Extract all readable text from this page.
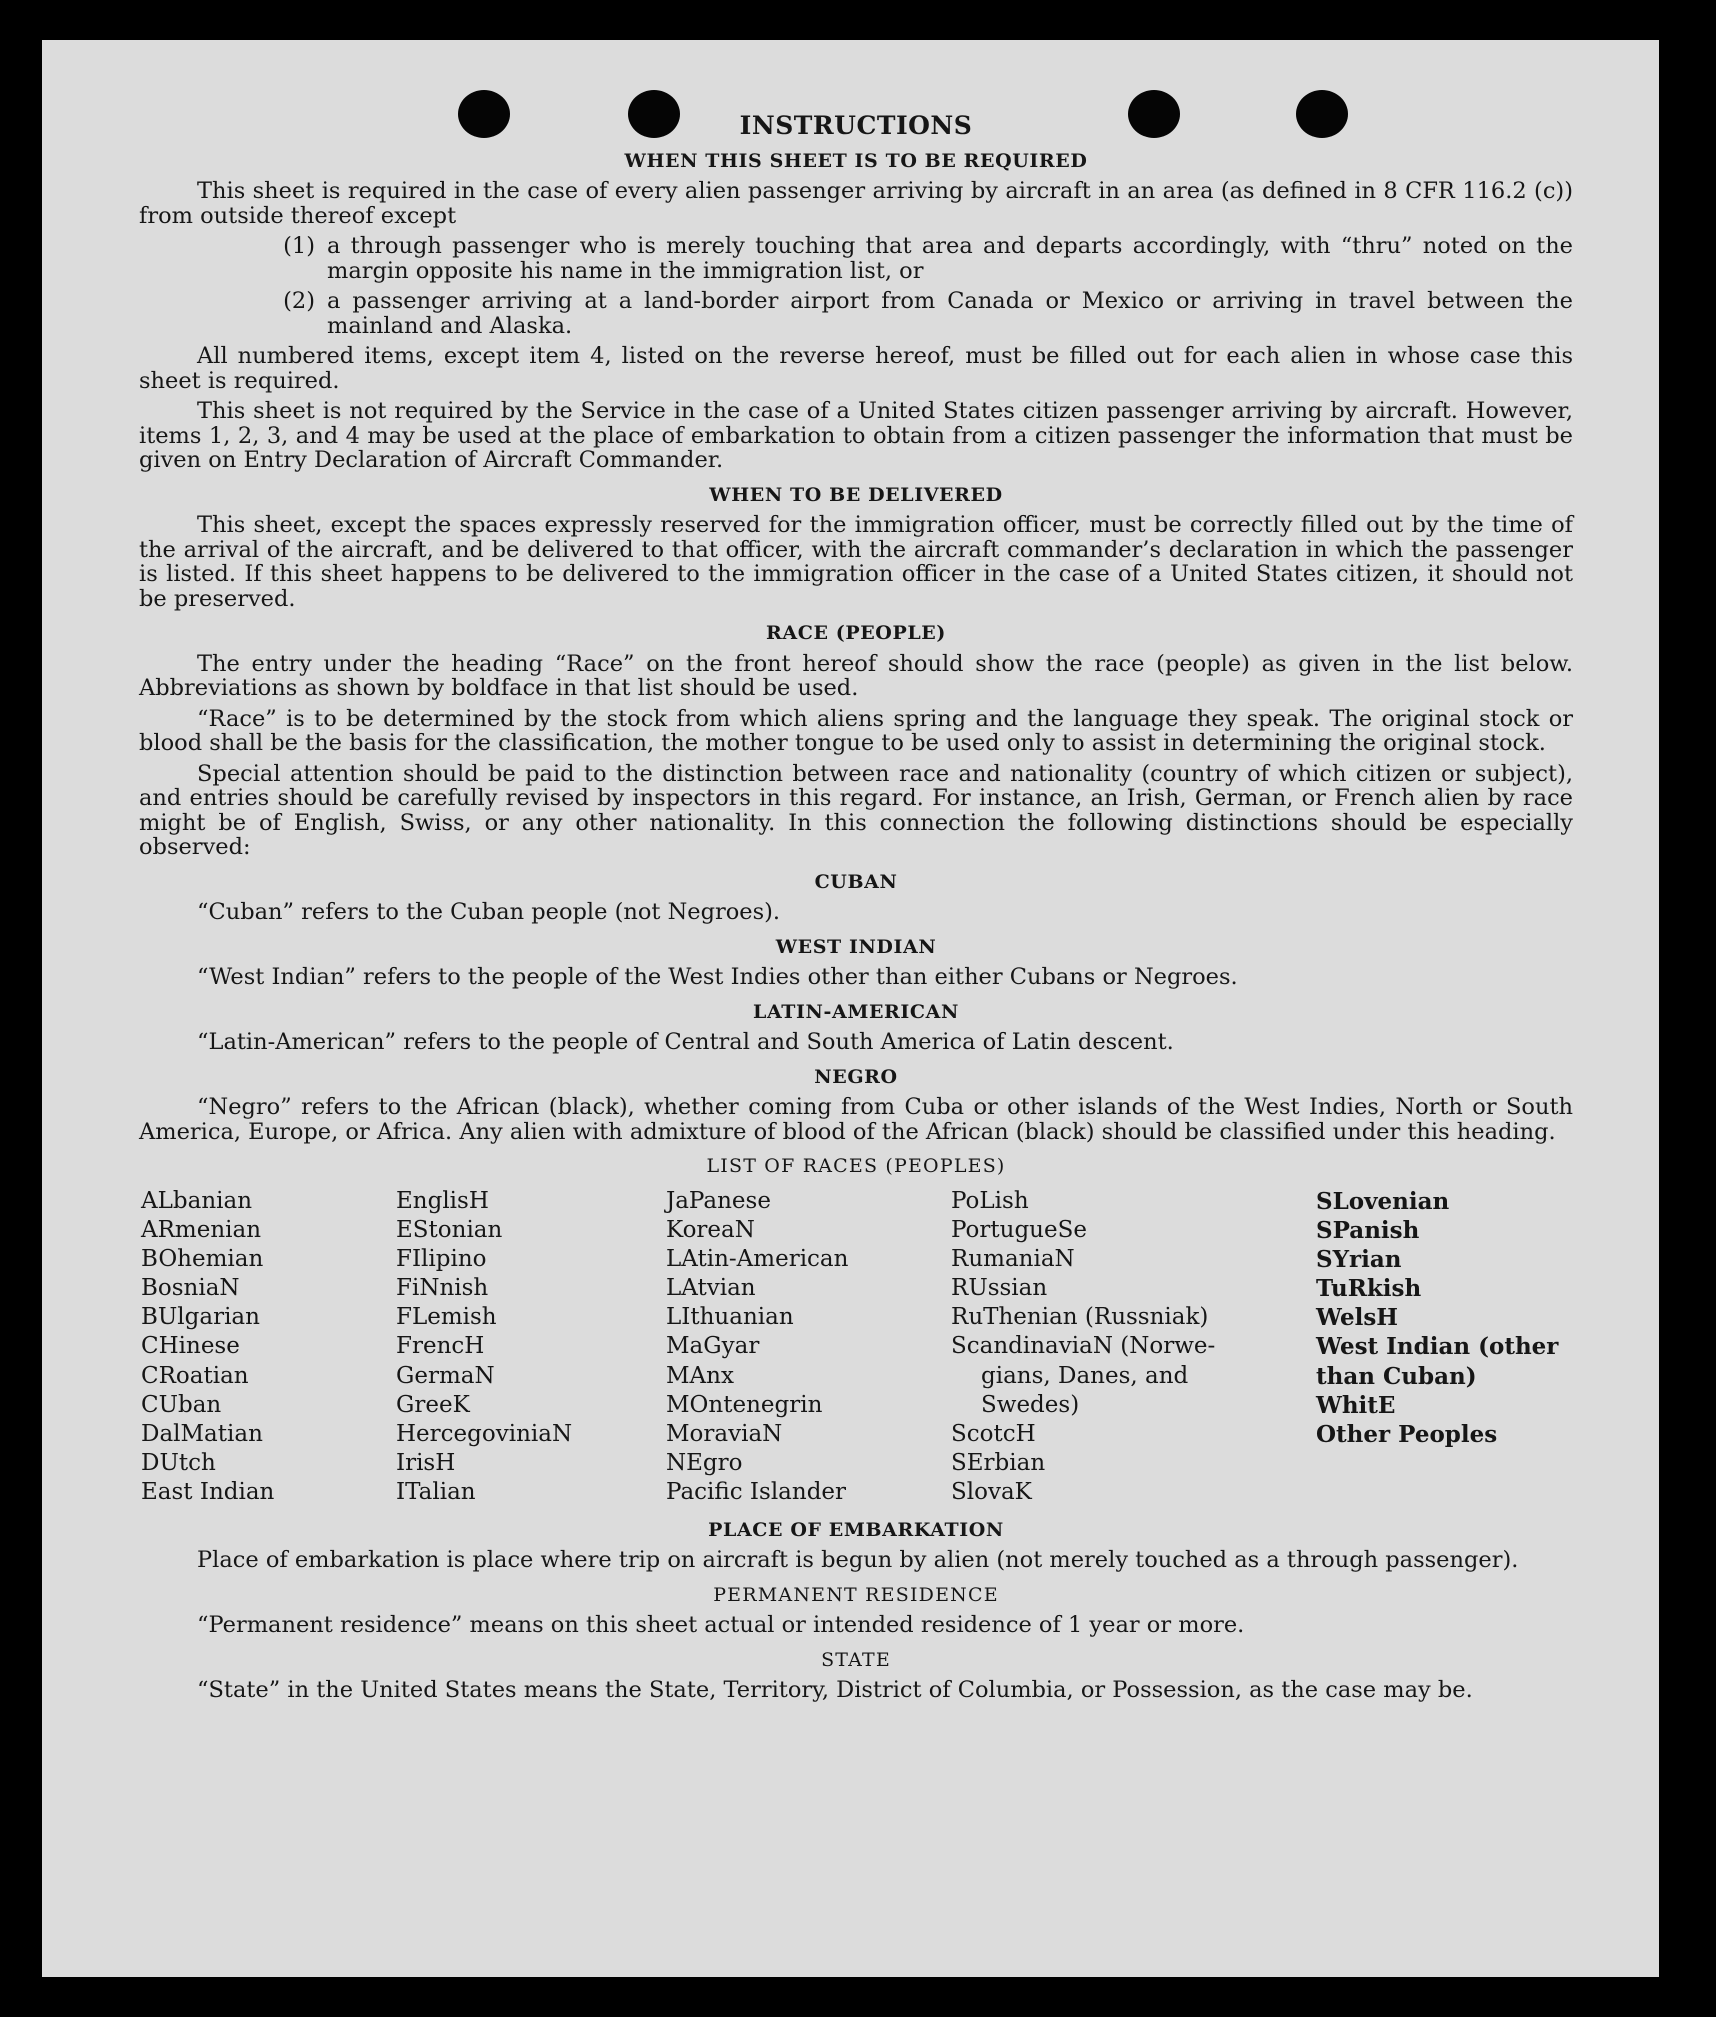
INSTRUCTIONS
WHEN THIS SHEET IS TO BE REQUIRED

This sheet is required in the case of every alien passenger arriving by aircraft in an area (as defined in 8 CFR 116.2 (c)) from outside thereof except

(1) a through passenger who is merely touching that area and departs accordingly, with “thru” noted on the margin opposite his name in the immigration list, or
(2) a passenger arriving at a land-border airport from Canada or Mexico or arriving in travel between the mainland and Alaska.

All numbered items, except item 4, listed on the reverse hereof, must be filled out for each alien in whose case this sheet is required.

This sheet is not required by the Service in the case of a United States citizen passenger arriving by aircraft. However, items 1, 2, 3, and 4 may be used at the place of embarkation to obtain from a citizen passenger the information that must be given on Entry Declaration of Aircraft Commander.

WHEN TO BE DELIVERED

This sheet, except the spaces expressly reserved for the immigration officer, must be correctly filled out by the time of the arrival of the aircraft, and be delivered to that officer, with the aircraft commander’s declaration in which the passenger is listed. If this sheet happens to be delivered to the immigration officer in the case of a United States citizen, it should not be preserved.

RACE (PEOPLE)

The entry under the heading “Race” on the front hereof should show the race (people) as given in the list below. Abbreviations as shown by boldface in that list should be used.

“Race” is to be determined by the stock from which aliens spring and the language they speak. The original stock or blood shall be the basis for the classification, the mother tongue to be used only to assist in determining the original stock.

Special attention should be paid to the distinction between race and nationality (country of which citizen or subject), and entries should be carefully revised by inspectors in this regard. For instance, an Irish, German, or French alien by race might be of English, Swiss, or any other nationality. In this connection the following distinctions should be especially observed:

CUBAN

“Cuban” refers to the Cuban people (not Negroes).

WEST INDIAN

“West Indian” refers to the people of the West Indies other than either Cubans or Negroes.

LATIN-AMERICAN

“Latin-American” refers to the people of Central and South America of Latin descent.

NEGRO

“Negro” refers to the African (black), whether coming from Cuba or other islands of the West Indies, North or South America, Europe, or Africa. Any alien with admixture of blood of the African (black) should be classified under this heading.

LIST OF RACES (PEOPLES)
ALbanian
ARmenian
BOhemian
BosniaN
BUlgarian
CHinese
CRoatian
CUban
DalMatian
DUtch
East Indian
EnglisH
EStonian
FIlipino
FiNnish
FLemish
FrencH
GermaN
GreeK
HercegoviniaN
IrisH
ITalian
JaPanese
KoreaN
LAtin-American
LAtvian
LIthuanian
MaGyar
MAnx
MOntenegrin
MoraviaN
NEgro
Pacific Islander
PoLish
PortugueSe
RumaniaN
RUssian
RuThenian (Russniak)
ScandinaviaN (Norwe-
gians, Danes, and
Swedes)
ScotcH
SErbian
SlovaK
SLovenian
SPanish
SYrian
TuRkish
WelsH
West Indian (other than Cuban)
WhitE
Other Peoples
PLACE OF EMBARKATION

Place of embarkation is place where trip on aircraft is begun by alien (not merely touched as a through passenger).

PERMANENT RESIDENCE

“Permanent residence” means on this sheet actual or intended residence of 1 year or more.

STATE

“State” in the United States means the State, Territory, District of Columbia, or Possession, as the case may be.
